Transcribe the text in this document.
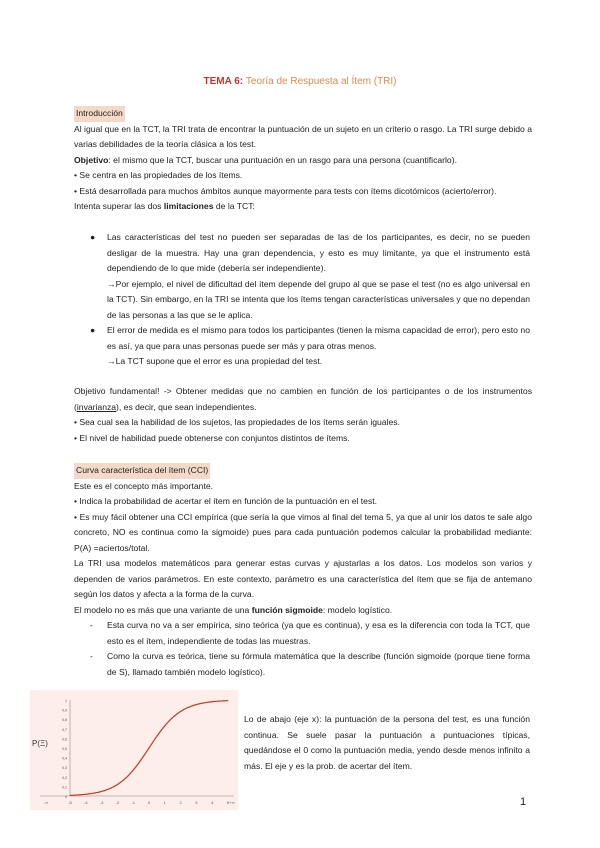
TEMA 6: Teoría de Respuesta al Ítem (TRI)

Introducción

Al igual que en la TCT, la TRI trata de encontrar la puntuación de un sujeto en un criterio o rasgo. La TRI surge debido a varias debilidades de la teoría clásica a los test.

Objetivo: el mismo que la TCT, buscar una puntuación en un rasgo para una persona (cuantificarlo).

• Se centra en las propiedades de los ítems.

• Está desarrollada para muchos ámbitos aunque mayormente para tests con ítems dicotómicos (acierto/error).

Intenta superar las dos limitaciones de la TCT:

● Las características del test no pueden ser separadas de las de los participantes, es decir, no se pueden desligar de la muestra. Hay una gran dependencia, y esto es muy limitante, ya que el instrumento está dependiendo de lo que mide (debería ser independiente).

→Por ejemplo, el nivel de dificultad del ítem depende del grupo al que se pase el test (no es algo universal en la TCT). Sin embargo, en la TRI se intenta que los ítems tengan características universales y que no dependan de las personas a las que se le aplica.

● El error de medida es el mismo para todos los participantes (tienen la misma capacidad de error), pero esto no es así, ya que para unas personas puede ser más y para otras menos.

→La TCT supone que el error es una propiedad del test.

Objetivo fundamental! -> Obtener medidas que no cambien en función de los participantes o de los instrumentos (invarianza), es decir, que sean independientes.

• Sea cual sea la habilidad de los sujetos, las propiedades de los ítems serán iguales.

• El nivel de habilidad puede obtenerse con conjuntos distintos de ítems.

Curva característica del ítem (CCI)

Este es el concepto más importante.

• Indica la probabilidad de acertar el ítem en función de la puntuación en el test.

• Es muy fácil obtener una CCI empírica (que sería la que vimos al final del tema 5, ya que al unir los datos te sale algo concreto, NO es continua como la sigmoide) pues para cada puntuación podemos calcular la probabilidad mediante: P(A) =aciertos/total.

La TRI usa modelos matemáticos para generar estas curvas y ajustarlas a los datos. Los modelos son varios y dependen de varios parámetros. En este contexto, parámetro es una característica del ítem que se fija de antemano según los datos y afecta a la forma de la curva.

El modelo no es más que una variante de una función sigmoide: modelo logístico.

- Esta curva no va a ser empírica, sino teórica (ya que es continua), y esa es la diferencia con toda la TCT, que esto es el ítem, independiente de todas las muestras.

- Como la curva es teórica, tiene su fórmula matemática que la describe (función sigmoide (porque tiene forma de S), llamado también modelo logístico).

P(Ξ)
0
0,1
0,2
0,3
0,4
0,5
0,6
0,7
0,8
0,9
1
-∞	-5	-4	-3	-2	-1	0	1	2	3	4	5 +∞
Lo de abajo (eje x): la puntuación de la persona del test, es una función continua. Se suele pasar la puntuación a puntuaciones típicas, quedándose el 0 como la puntuación media, yendo desde menos infinito a más. El eje y es la prob. de acertar del ítem.
1
